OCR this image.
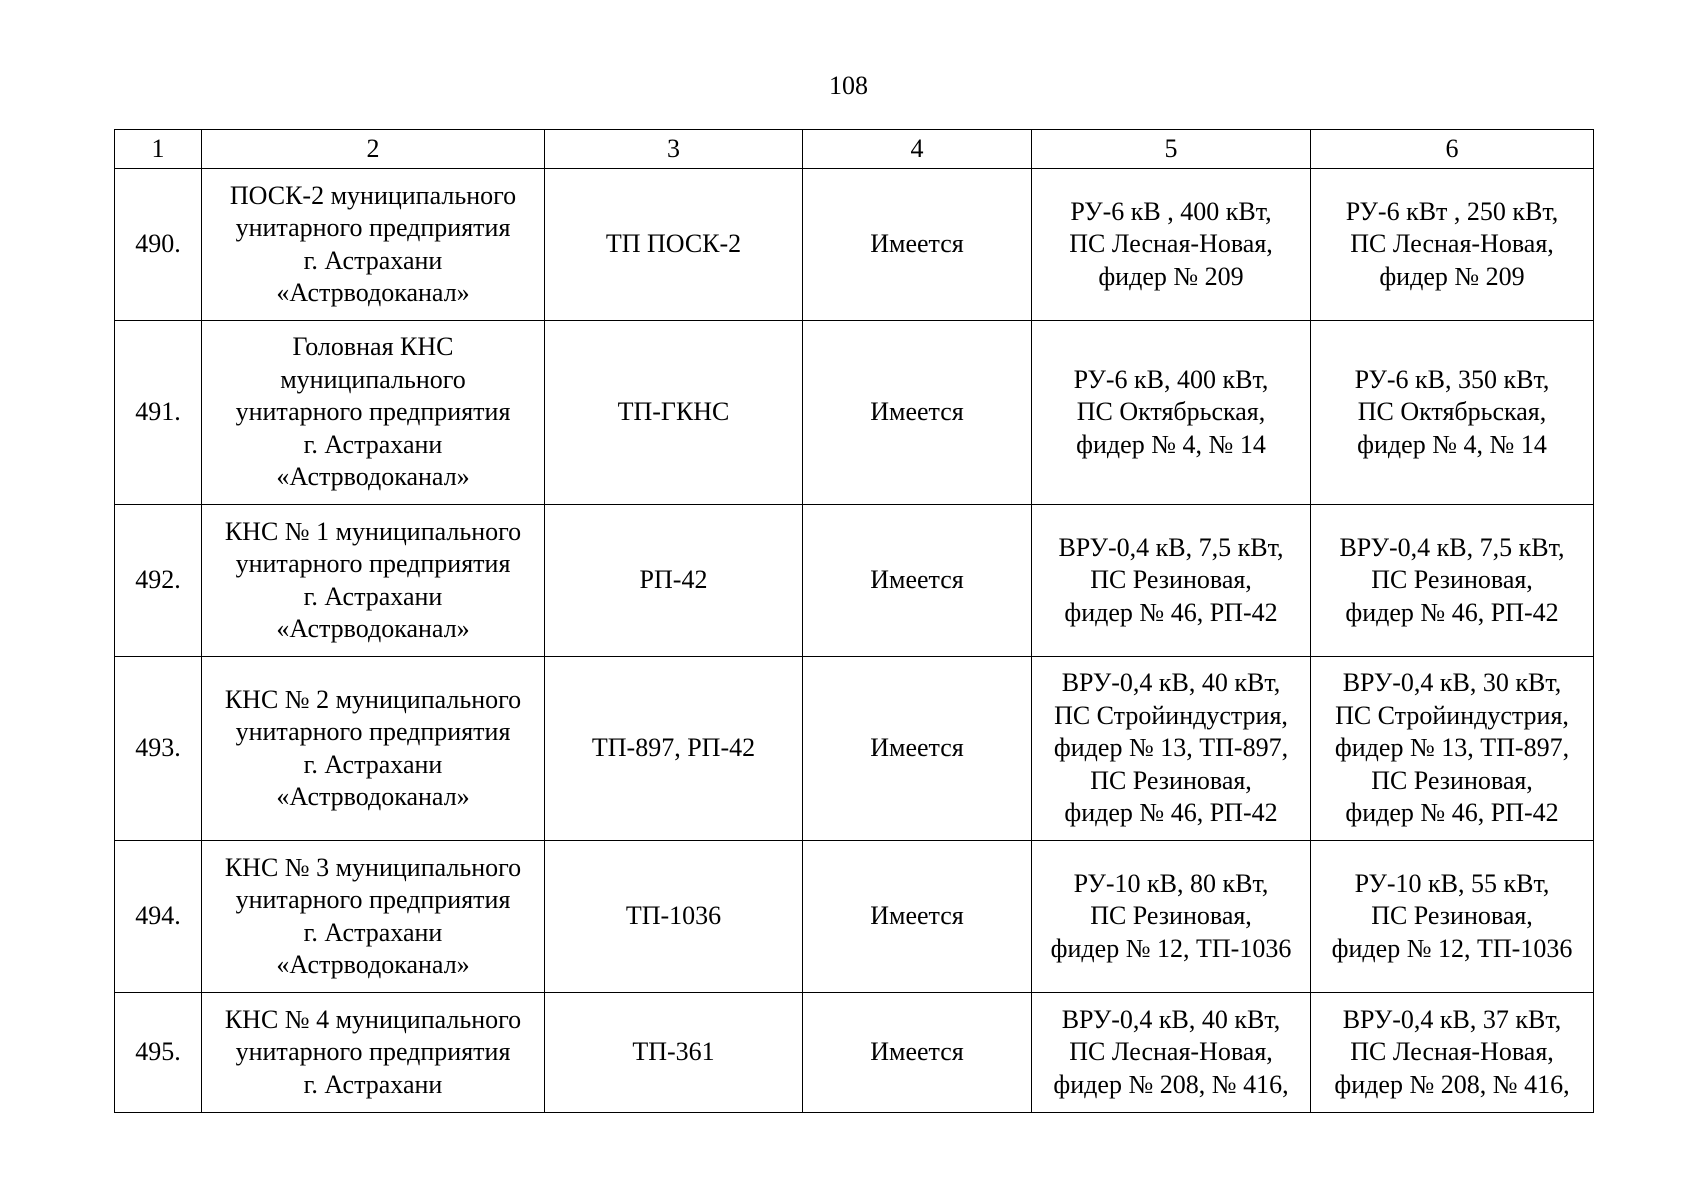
108
1	2	3	4	5	6
490.	ПОСК-2 муниципального
унитарного предприятия
г. Астрахани
«Астрводоканал»	ТП ПОСК-2	Имеется	РУ-6 кВ , 400 кВт,
ПС Лесная-Новая,
фидер № 209	РУ-6 кВт , 250 кВт,
ПС Лесная-Новая,
фидер № 209

491.	Головная КНС
муниципального
унитарного предприятия
г. Астрахани
«Астрводоканал»	ТП-ГКНС	Имеется	РУ-6 кВ, 400 кВт,
ПС Октябрьская,
фидер № 4, № 14	РУ-6 кВ, 350 кВт,
ПС Октябрьская,
фидер № 4, № 14

492.	КНС № 1 муниципального
унитарного предприятия
г. Астрахани
«Астрводоканал»	РП-42	Имеется	ВРУ-0,4 кВ, 7,5 кВт,
ПС Резиновая,
фидер № 46, РП-42	ВРУ-0,4 кВ, 7,5 кВт,
ПС Резиновая,
фидер № 46, РП-42

493.	КНС № 2 муниципального
унитарного предприятия
г. Астрахани
«Астрводоканал»	ТП-897, РП-42	Имеется	ВРУ-0,4 кВ, 40 кВт,
ПС Стройиндустрия,
фидер № 13, ТП-897,
ПС Резиновая,
фидер № 46, РП-42	ВРУ-0,4 кВ, 30 кВт,
ПС Стройиндустрия,
фидер № 13, ТП-897,
ПС Резиновая,
фидер № 46, РП-42

494.	КНС № 3 муниципального
унитарного предприятия
г. Астрахани
«Астрводоканал»	ТП-1036	Имеется	РУ-10 кВ, 80 кВт,
ПС Резиновая,
фидер № 12, ТП-1036	РУ-10 кВ, 55 кВт,
ПС Резиновая,
фидер № 12, ТП-1036

495.	КНС № 4 муниципального
унитарного предприятия
г. Астрахани	ТП-361	Имеется	ВРУ-0,4 кВ, 40 кВт,
ПС Лесная-Новая,
фидер № 208, № 416,	ВРУ-0,4 кВ, 37 кВт,
ПС Лесная-Новая,
фидер № 208, № 416,
